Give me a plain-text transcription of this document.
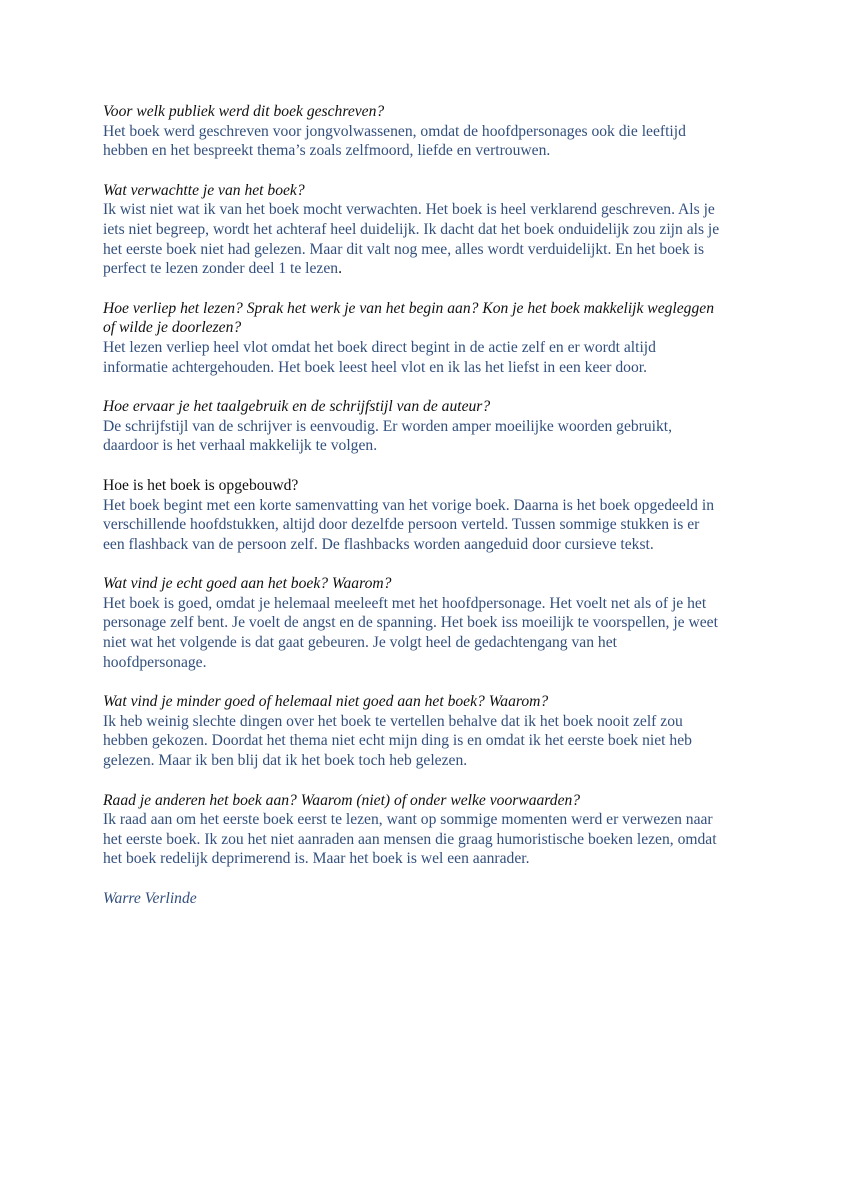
Voor welk publiek werd dit boek geschreven?
Het boek werd geschreven voor jongvolwassenen, omdat de hoofdpersonages ook die leeftijd hebben en het bespreekt thema’s zoals zelfmoord, liefde en vertrouwen.
Wat verwachtte je van het boek?
Ik wist niet wat ik van het boek mocht verwachten. Het boek is heel verklarend geschreven. Als je iets niet begreep, wordt het achteraf heel duidelijk. Ik dacht dat het boek onduidelijk zou zijn als je het eerste boek niet had gelezen. Maar dit valt nog mee, alles wordt verduidelijkt. En het boek is perfect te lezen zonder deel 1 te lezen.
Hoe verliep het lezen? Sprak het werk je van het begin aan? Kon je het boek makkelijk wegleggen of wilde je doorlezen?
Het lezen verliep heel vlot omdat het boek direct begint in de actie zelf en er wordt altijd informatie achtergehouden. Het boek leest heel vlot en ik las het liefst in een keer door.
Hoe ervaar je het taalgebruik en de schrijfstijl van de auteur?
De schrijfstijl van de schrijver is eenvoudig. Er worden amper moeilijke woorden gebruikt, daardoor is het verhaal makkelijk te volgen.
Hoe is het boek is opgebouwd?
Het boek begint met een korte samenvatting van het vorige boek. Daarna is het boek opgedeeld in verschillende hoofdstukken, altijd door dezelfde persoon verteld. Tussen sommige stukken is er een flashback van de persoon zelf. De flashbacks worden aangeduid door cursieve tekst.
Wat vind je echt goed aan het boek? Waarom?
Het boek is goed, omdat je helemaal meeleeft met het hoofdpersonage. Het voelt net als of je het personage zelf bent. Je voelt de angst en de spanning. Het boek iss moeilijk te voorspellen, je weet niet wat het volgende is dat gaat gebeuren. Je volgt heel de gedachtengang van het hoofdpersonage.
Wat vind je minder goed of helemaal niet goed aan het boek? Waarom?
Ik heb weinig slechte dingen over het boek te vertellen behalve dat ik het boek nooit zelf zou hebben gekozen. Doordat het thema niet echt mijn ding is en omdat ik het eerste boek niet heb gelezen. Maar ik ben blij dat ik het boek toch heb gelezen.
Raad je anderen het boek aan? Waarom (niet) of onder welke voorwaarden?
Ik raad aan om het eerste boek eerst te lezen, want op sommige momenten werd er verwezen naar het eerste boek. Ik zou het niet aanraden aan mensen die graag humoristische boeken lezen, omdat het boek redelijk deprimerend is. Maar het boek is wel een aanrader.
Warre Verlinde
